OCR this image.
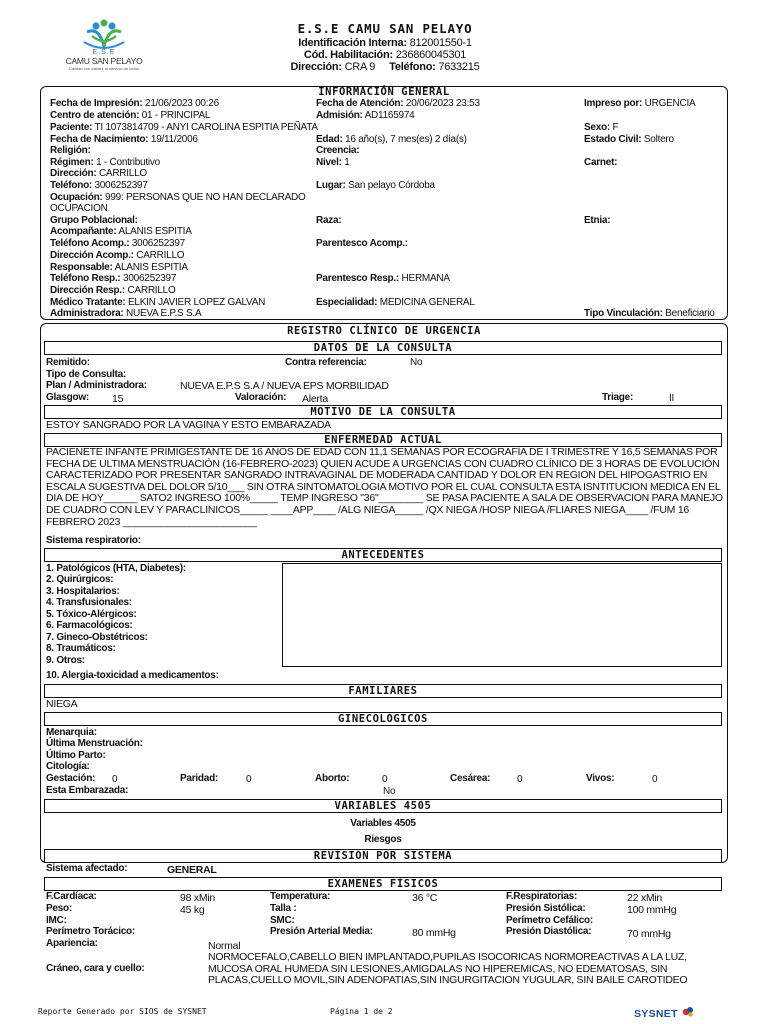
E.S.E
CAMU SAN PELAYO
Calidad con calidez al servicio de todos
E.S.E CAMU SAN PELAYO
Identificación Interna: 812001550-1
Cód. Habilitación: 236860045301
Dirección: CRA 9 Teléfono: 7633215
INFORMACIÓN GENERAL
Fecha de Impresión: 21/06/2023 00:26	Fecha de Atención: 20/06/2023 23:53	Impreso por: URGENCIA
Centro de atención: 01 - PRINCIPAL	Admisión: AD1165974
Paciente: TI 1073814709 - ANYI CAROLINA ESPITIA PEÑATA	Sexo: F
Fecha de Nacimiento: 19/11/2006	Edad: 16 año(s), 7 mes(es) 2 día(s)	Estado Civil: Soltero
Religión:	Creencia:
Régimen: 1 - Contributivo	Nivel: 1	Carnet:
Dirección: CARRILLO
Teléfono: 3006252397	Lugar: San pelayo Córdoba
Ocupación: 999: PERSONAS QUE NO HAN DECLARADO
OCUPACION
Grupo Poblacional:	Raza:	Etnia:
Acompañante: ALANIS ESPITIA
Teléfono Acomp.: 3006252397	Parentesco Acomp.:
Dirección Acomp.: CARRILLO
Responsable: ALANIS ESPITIA
Teléfono Resp.: 3006252397	Parentesco Resp.: HERMANA
Dirección Resp.: CARRILLO
Médico Tratante: ELKIN JAVIER LOPEZ GALVAN	Especialidad: MEDICINA GENERAL
Administradora: NUEVA E.P.S S.A	Tipo Vinculación: Beneficiario
REGISTRO CLÍNICO DE URGENCIA
DATOS DE LA CONSULTA
Remitido:	Contra referencia:	No
Tipo de Consulta:
Plan / Administradora:	NUEVA E.P.S S.A / NUEVA EPS MORBILIDAD
Glasgow: 15	Valoración: Alerta	Triage:	II
MOTIVO DE LA CONSULTA
ESTOY SANGRADO POR LA VAGINA Y ESTO EMBARAZADA
ENFERMEDAD ACTUAL
PACIENETE INFANTE PRIMIGESTANTE DE 16 AÑOS DE EDAD CON 11,1 SEMANAS POR ECOGRAFÍA DE I TRIMESTRE Y 16,5 SEMANAS POR FECHA DE ULTIMA MENSTRUACIÓN (16-FEBRERO-2023) QUIEN ACUDE A URGENCIAS CON CUADRO CLÍNICO DE 3 HORAS DE EVOLUCIÓN CARACTERIZADO POR PRESENTAR SANGRADO INTRAVAGINAL DE MODERADA CANTIDAD Y DOLOR EN REGION DEL HIPOGASTRIO EN ESCALA SUGESTIVA DEL DOLOR 5/10___ SIN OTRA SINTOMATOLOGIA MOTIVO POR EL CUAL CONSULTA ESTA ISNTITUCION MEDICA EN EL DIA DE HOY______ SATO2 INGRESO 100%_____ TEMP INGRESO "36"________ SE PASA PACIENTE A SALA DE OBSERVACION PARA MANEJO DE CUADRO CON LEV Y PARACLINICOS_____ ____APP____ /ALG NIEGA_____ /QX NIEGA /HOSP NIEGA /FLIARES NIEGA____ /FUM 16 FEBRERO 2023 ________________________
Sistema respiratorio:
ANTECEDENTES
1. Patológicos (HTA, Diabetes):
2. Quirúrgicos:
3. Hospitalarios:
4. Transfusionales:
5. Tóxico-Alérgicos:
6. Farmacológicos:
7. Gineco-Obstétricos:
8. Traumáticos:
9. Otros:
10. Alergia-toxicidad a medicamentos:
FAMILIARES
NIEGA
GINECOLÓGICOS
Menarquia:
Última Menstruación:
Último Parto:
Citología:
Gestación: 0	Paridad:	0	Aborto:	0	Cesárea:	0	Vivos:	0
Esta Embarazada:	No
VARIABLES 4505
Variables 4505
Riesgos
REVISIÓN POR SISTEMA
Sistema afectado:	GENERAL
EXAMENES FÍSICOS
F.Cardíaca:	98 xMin	Temperatura:	36 °C	F.Respiratorias:	22 xMin
Peso:	45 kg	Talla :	Presión Sistólica:	100 mmHg
IMC:	SMC:	Perímetro Cefálico:
Perímetro Torácico:	Presión Arterial Media:	80 mmHg	Presión Diastólica:	70 mmHg
Apariencia:	Normal
Cráneo, cara y cuello:
NORMOCEFALO,CABELLO BIEN IMPLANTADO,PUPILAS ISOCORICAS NORMOREACTIVAS A LA LUZ, MUCOSA ORAL HUMEDA SIN LESIONES,AMIGDALAS NO HIPEREMICAS, NO EDEMATOSAS, SIN PLACAS,CUELLO MOVIL,SIN ADENOPATIAS,SIN INGURGITACION YUGULAR, SIN BAILE CAROTIDEO
Reporte Generado por SIOS de SYSNET	Página 1 de 2	SYSNET
